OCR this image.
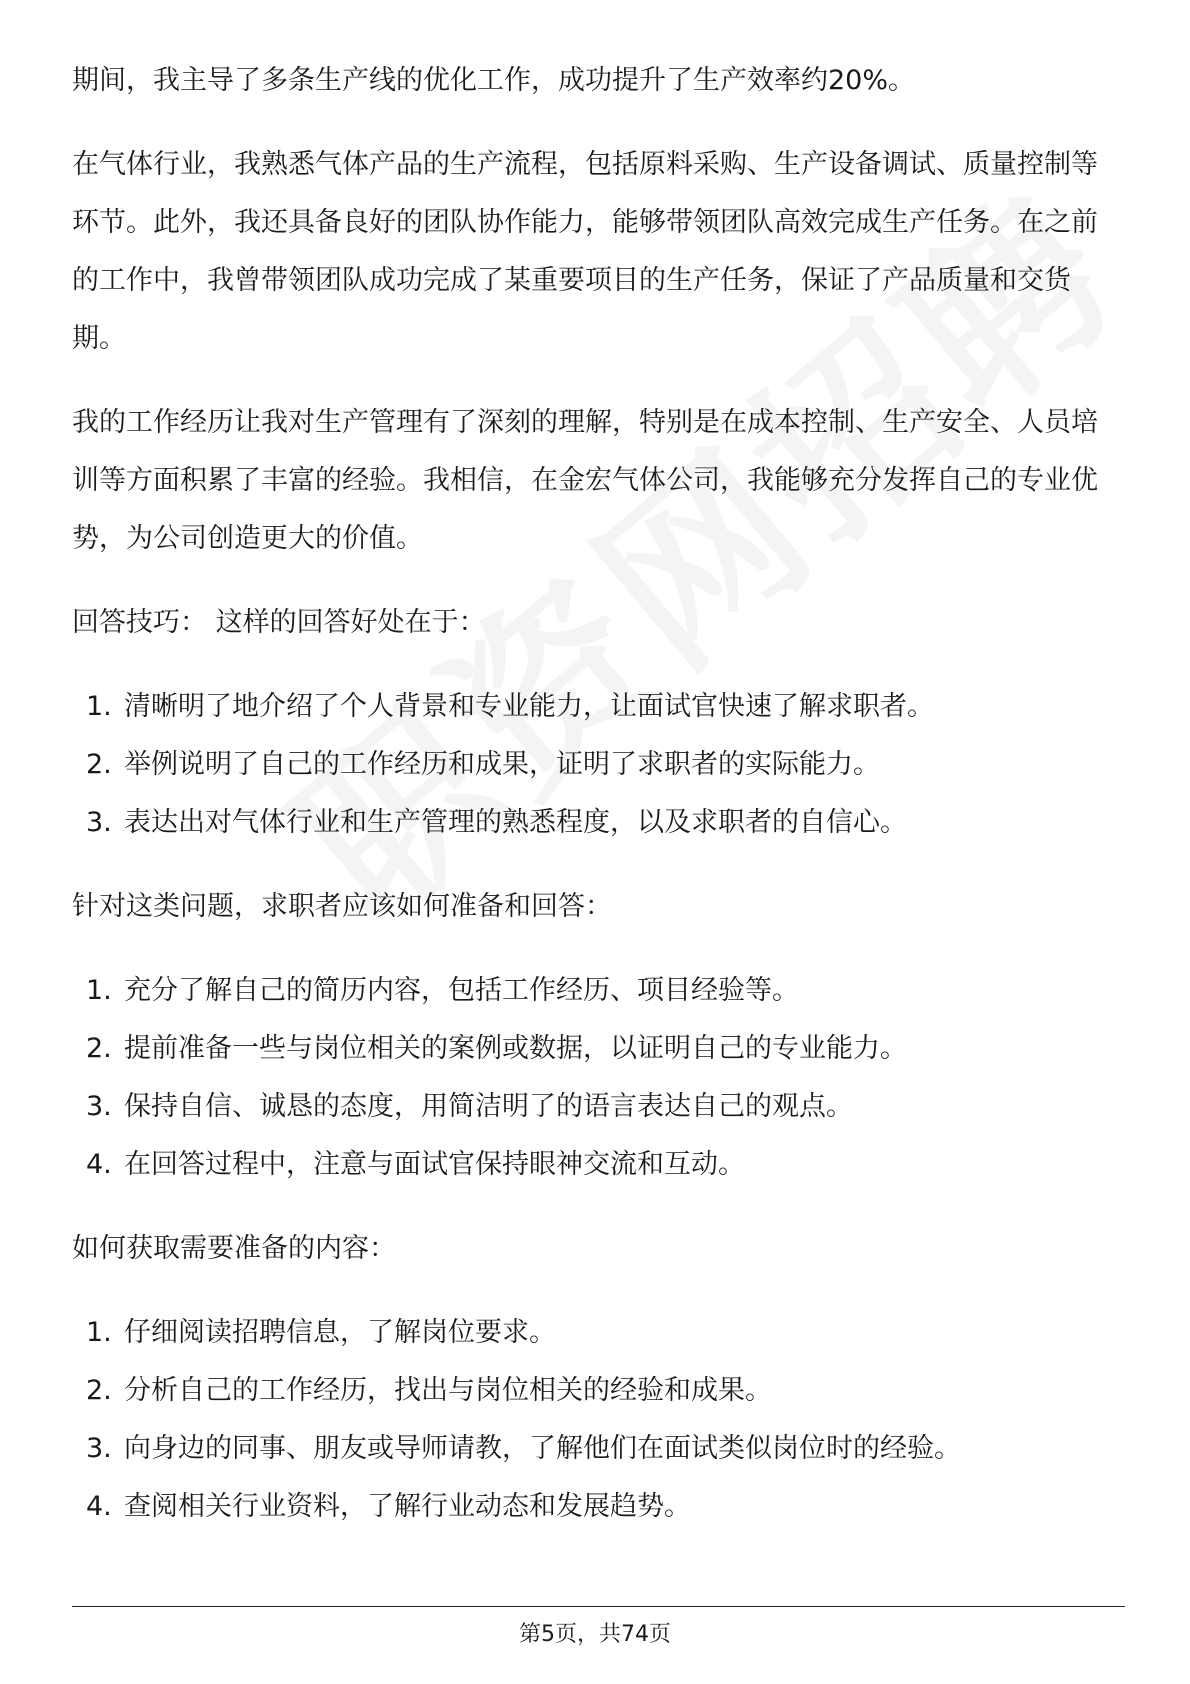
期间，我主导了多条生产线的优化工作，成功提升了生产效率约20%。

在气体行业，我熟悉气体产品的生产流程，包括原料采购、生产设备调试、质量控制等环节。此外，我还具备良好的团队协作能力，能够带领团队高效完成生产任务。在之前的工作中，我曾带领团队成功完成了某重要项目的生产任务，保证了产品质量和交货期。

我的工作经历让我对生产管理有了深刻的理解，特别是在成本控制、生产安全、人员培训等方面积累了丰富的经验。我相信，在金宏气体公司，我能够充分发挥自己的专业优势，为公司创造更大的价值。

回答技巧： 这样的回答好处在于：

1. 清晰明了地介绍了个人背景和专业能力，让面试官快速了解求职者。
2. 举例说明了自己的工作经历和成果，证明了求职者的实际能力。
3. 表达出对气体行业和生产管理的熟悉程度，以及求职者的自信心。

针对这类问题，求职者应该如何准备和回答：

1. 充分了解自己的简历内容，包括工作经历、项目经验等。
2. 提前准备一些与岗位相关的案例或数据，以证明自己的专业能力。
3. 保持自信、诚恳的态度，用简洁明了的语言表达自己的观点。
4. 在回答过程中，注意与面试官保持眼神交流和互动。

如何获取需要准备的内容：

1. 仔细阅读招聘信息，了解岗位要求。
2. 分析自己的工作经历，找出与岗位相关的经验和成果。
3. 向身边的同事、朋友或导师请教，了解他们在面试类似岗位时的经验。
4. 查阅相关行业资料，了解行业动态和发展趋势。
第5页，共74页
